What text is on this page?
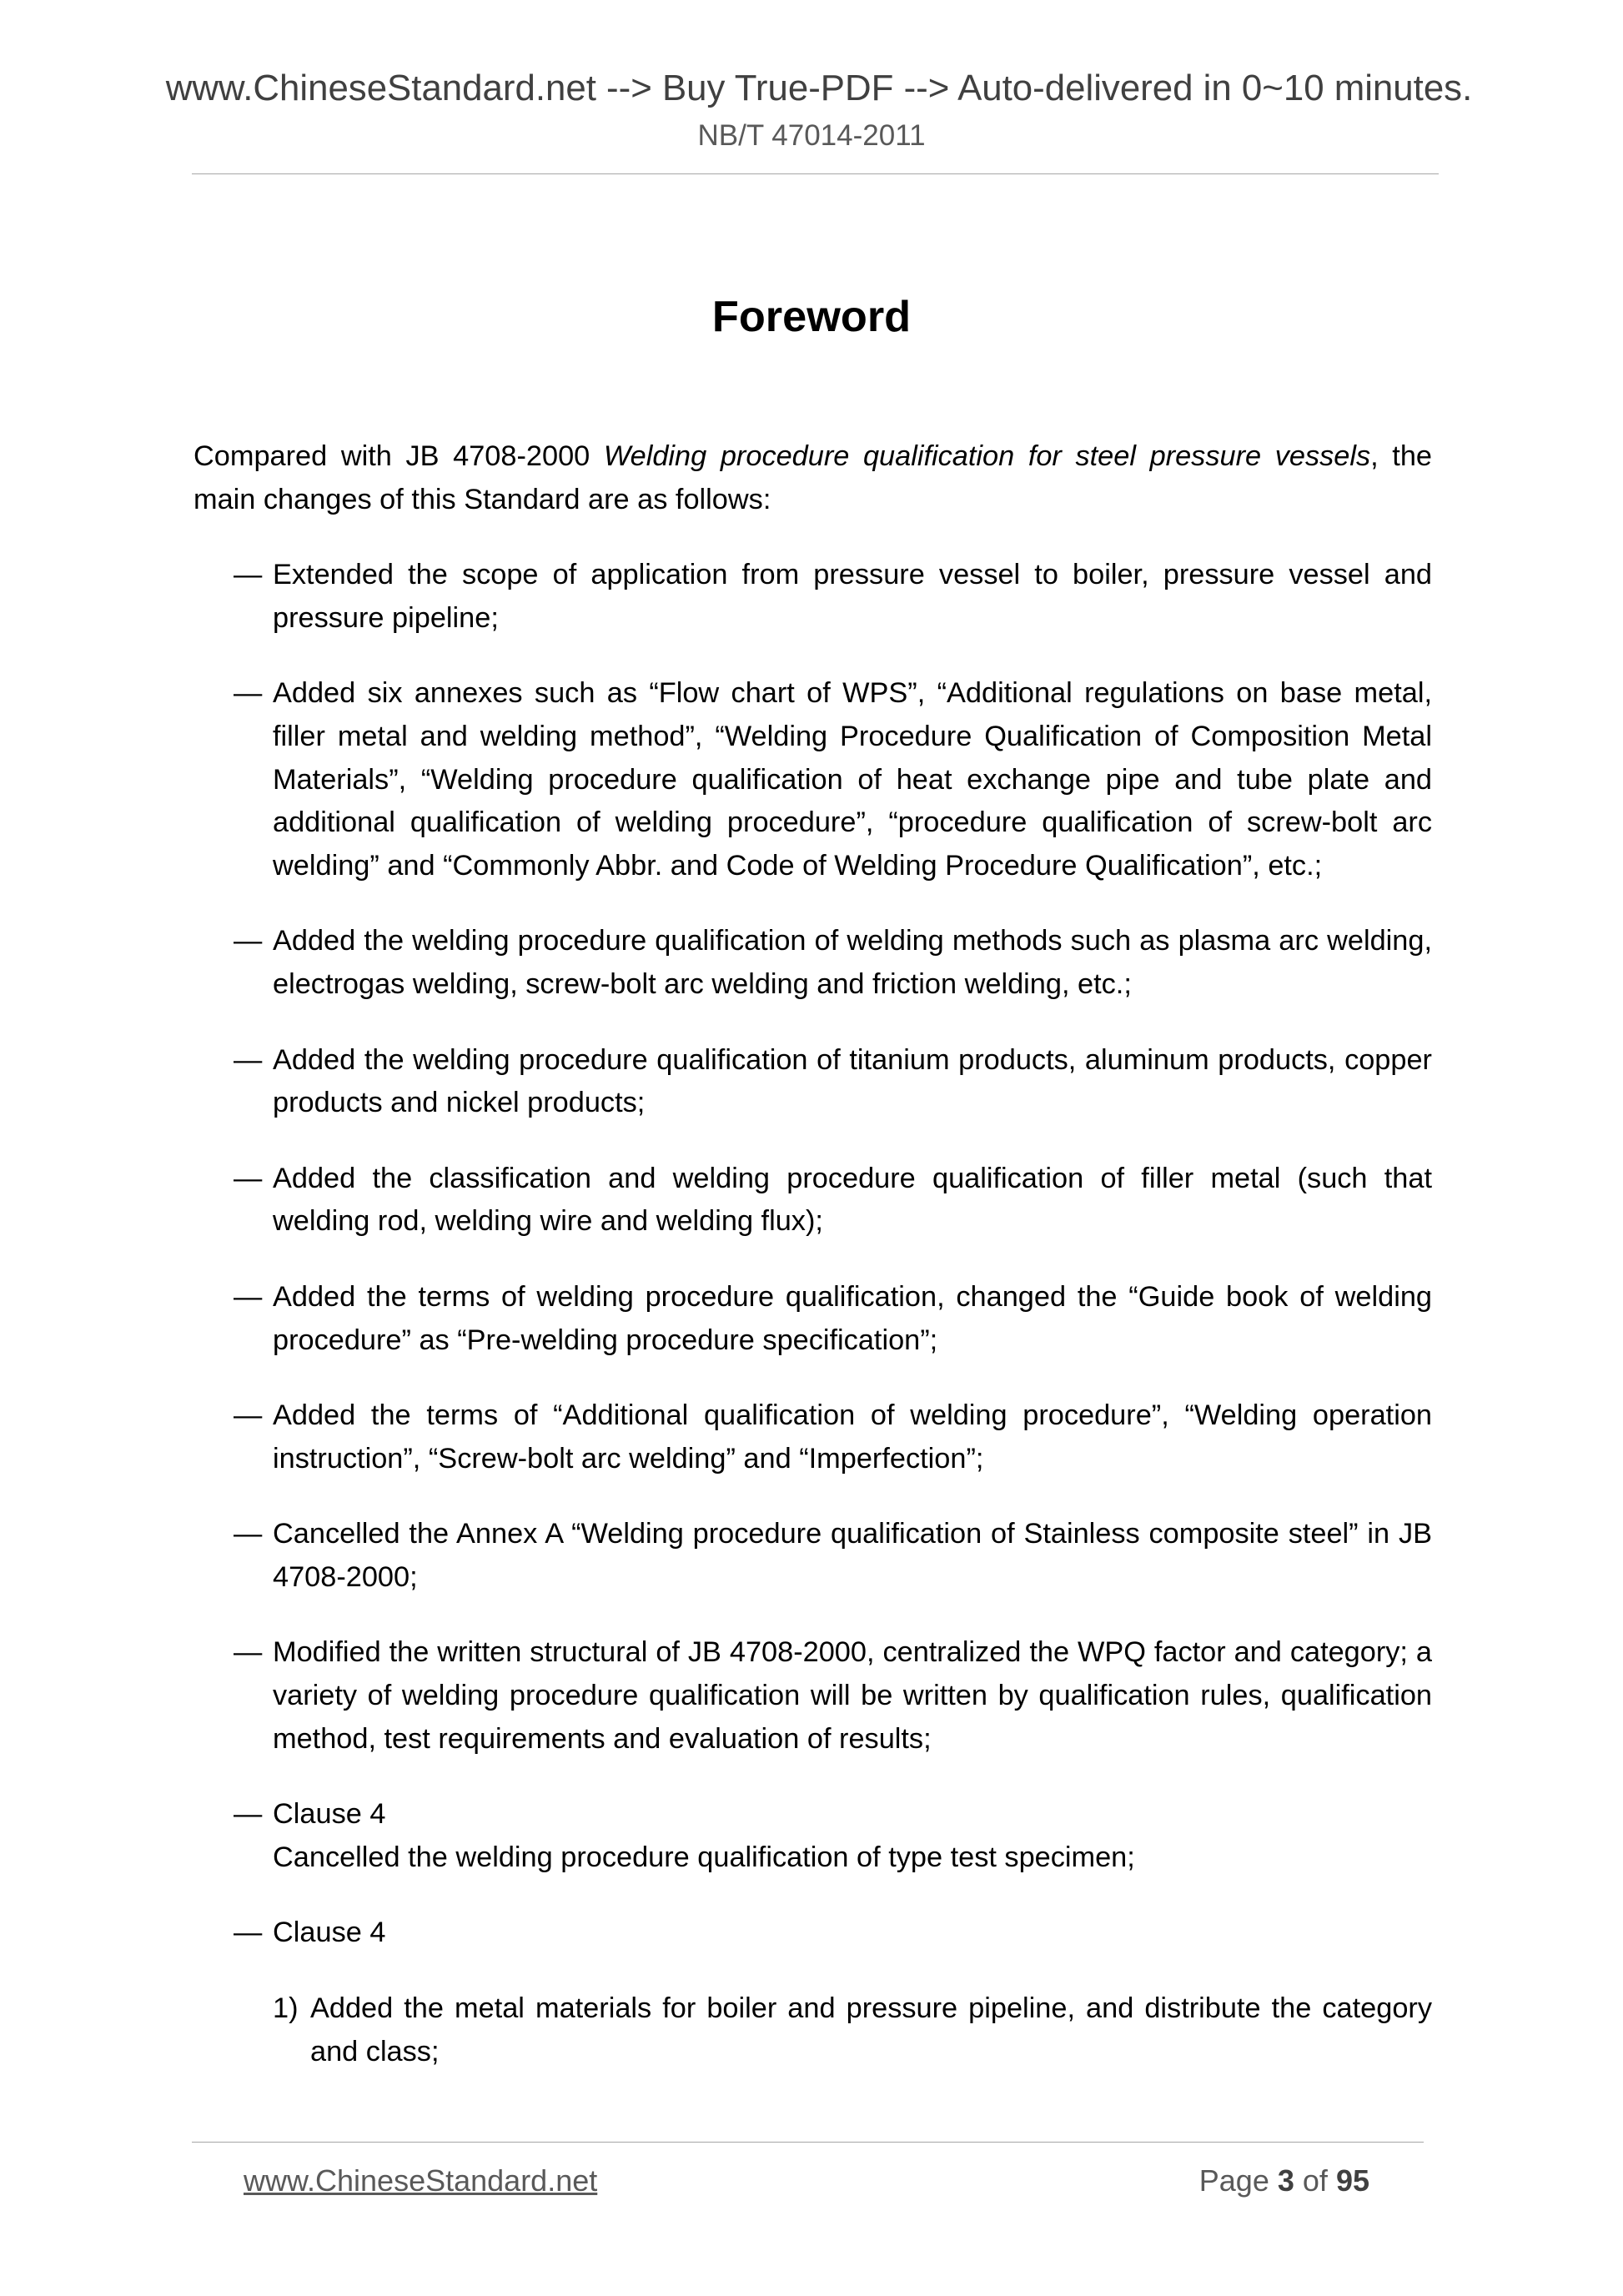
www.ChineseStandard.net --> Buy True-PDF --> Auto-delivered in 0~10 minutes.
NB/T 47014-2011
Foreword

Compared with JB 4708-2000 Welding procedure qualification for steel pressure vessels, the
main changes of this Standard are as follows:

— Extended the scope of application from pressure vessel to boiler, pressure vessel and
pressure pipeline;
— Added six annexes such as “Flow chart of WPS”, “Additional regulations on base metal,
filler metal and welding method”, “Welding Procedure Qualification of Composition Metal
Materials”, “Welding procedure qualification of heat exchange pipe and tube plate and
additional qualification of welding procedure”, “procedure qualification of screw-bolt arc
welding” and “Commonly Abbr. and Code of Welding Procedure Qualification”, etc.;
— Added the welding procedure qualification of welding methods such as plasma arc welding,
electrogas welding, screw-bolt arc welding and friction welding, etc.;
— Added the welding procedure qualification of titanium products, aluminum products, copper
products and nickel products;
— Added the classification and welding procedure qualification of filler metal (such that
welding rod, welding wire and welding flux);
— Added the terms of welding procedure qualification, changed the “Guide book of welding
procedure” as “Pre-welding procedure specification”;
— Added the terms of “Additional qualification of welding procedure”, “Welding operation
instruction”, “Screw-bolt arc welding” and “Imperfection”;
— Cancelled the Annex A “Welding procedure qualification of Stainless composite steel” in JB
4708-2000;
— Modified the written structural of JB 4708-2000, centralized the WPQ factor and category; a
variety of welding procedure qualification will be written by qualification rules, qualification
method, test requirements and evaluation of results;
— Clause 4
Cancelled the welding procedure qualification of type test specimen;
— Clause 4
1) Added the metal materials for boiler and pressure pipeline, and distribute the category
and class;
www.ChineseStandard.net	Page 3 of 95
